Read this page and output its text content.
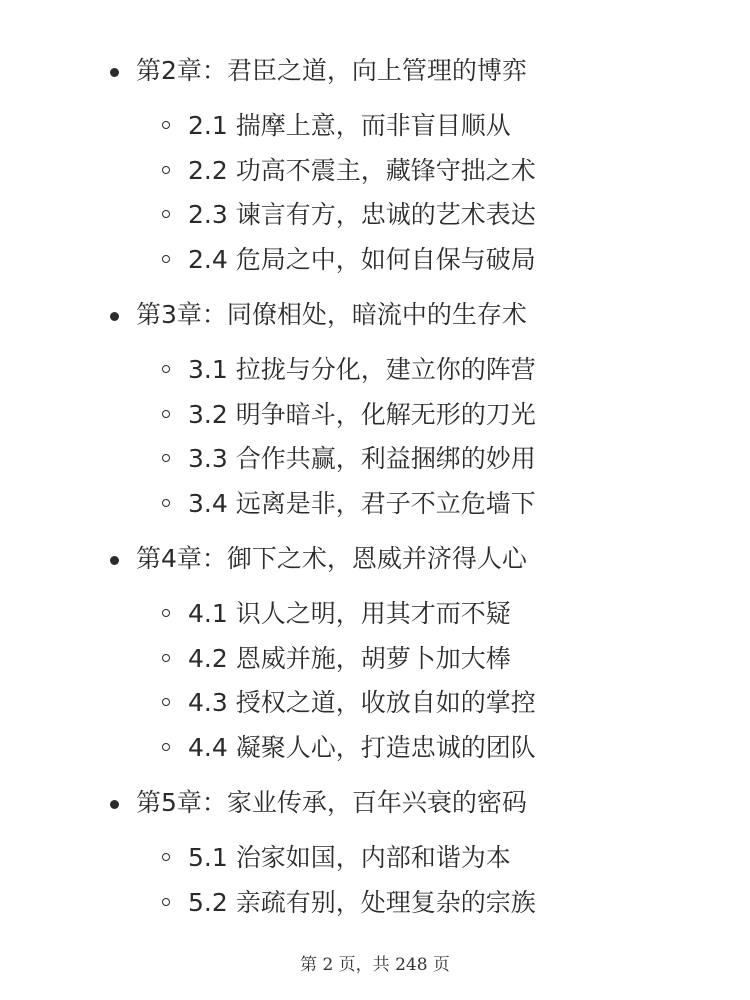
第2章：君臣之道，向上管理的博弈
2.1 揣摩上意，而非盲目顺从
2.2 功高不震主，藏锋守拙之术
2.3 谏言有方，忠诚的艺术表达
2.4 危局之中，如何自保与破局
第3章：同僚相处，暗流中的生存术
3.1 拉拢与分化，建立你的阵营
3.2 明争暗斗，化解无形的刀光
3.3 合作共赢，利益捆绑的妙用
3.4 远离是非，君子不立危墙下
第4章：御下之术，恩威并济得人心
4.1 识人之明，用其才而不疑
4.2 恩威并施，胡萝卜加大棒
4.3 授权之道，收放自如的掌控
4.4 凝聚人心，打造忠诚的团队
第5章：家业传承，百年兴衰的密码
5.1 治家如国，内部和谐为本
5.2 亲疏有别，处理复杂的宗族
第 2 页，共 248 页
